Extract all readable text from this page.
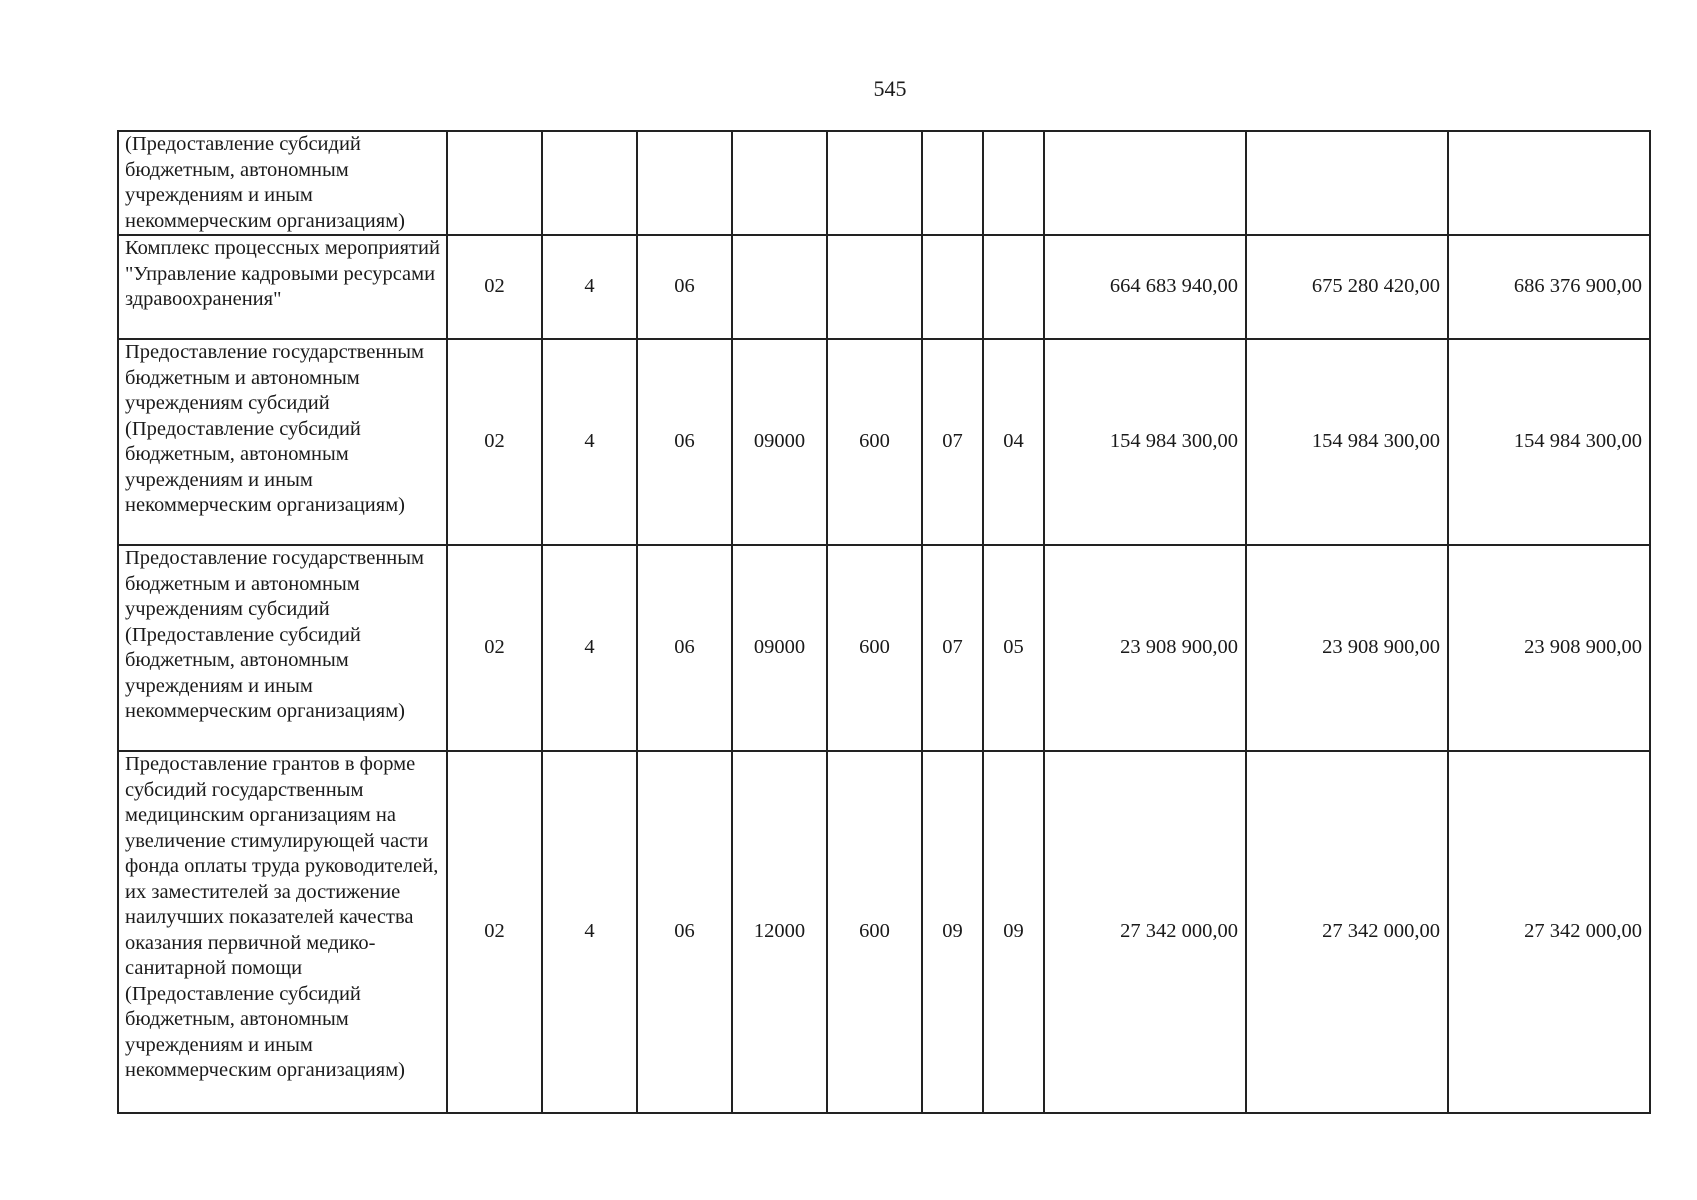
545
(Предоставление субсидий бюджетным, автономным учреждениям и иным некоммерческим организациям)										
Комплекс процессных мероприятий "Управление кадровыми ресурсами здравоохранения"	02	4	06					664 683 940,00	675 280 420,00	686 376 900,00
Предоставление государственным бюджетным и автономным учреждениям субсидий (Предоставление субсидий бюджетным, автономным учреждениям и иным некоммерческим организациям)	02	4	06	09000	600	07	04	154 984 300,00	154 984 300,00	154 984 300,00
Предоставление государственным бюджетным и автономным учреждениям субсидий (Предоставление субсидий бюджетным, автономным учреждениям и иным некоммерческим организациям)	02	4	06	09000	600	07	05	23 908 900,00	23 908 900,00	23 908 900,00
Предоставление грантов в форме субсидий государственным медицинским организациям на увеличение стимулирующей части фонда оплаты труда руководителей, их заместителей за достижение наилучших показателей качества оказания первичной медико-санитарной помощи (Предоставление субсидий бюджетным, автономным учреждениям и иным некоммерческим организациям)	02	4	06	12000	600	09	09	27 342 000,00	27 342 000,00	27 342 000,00
